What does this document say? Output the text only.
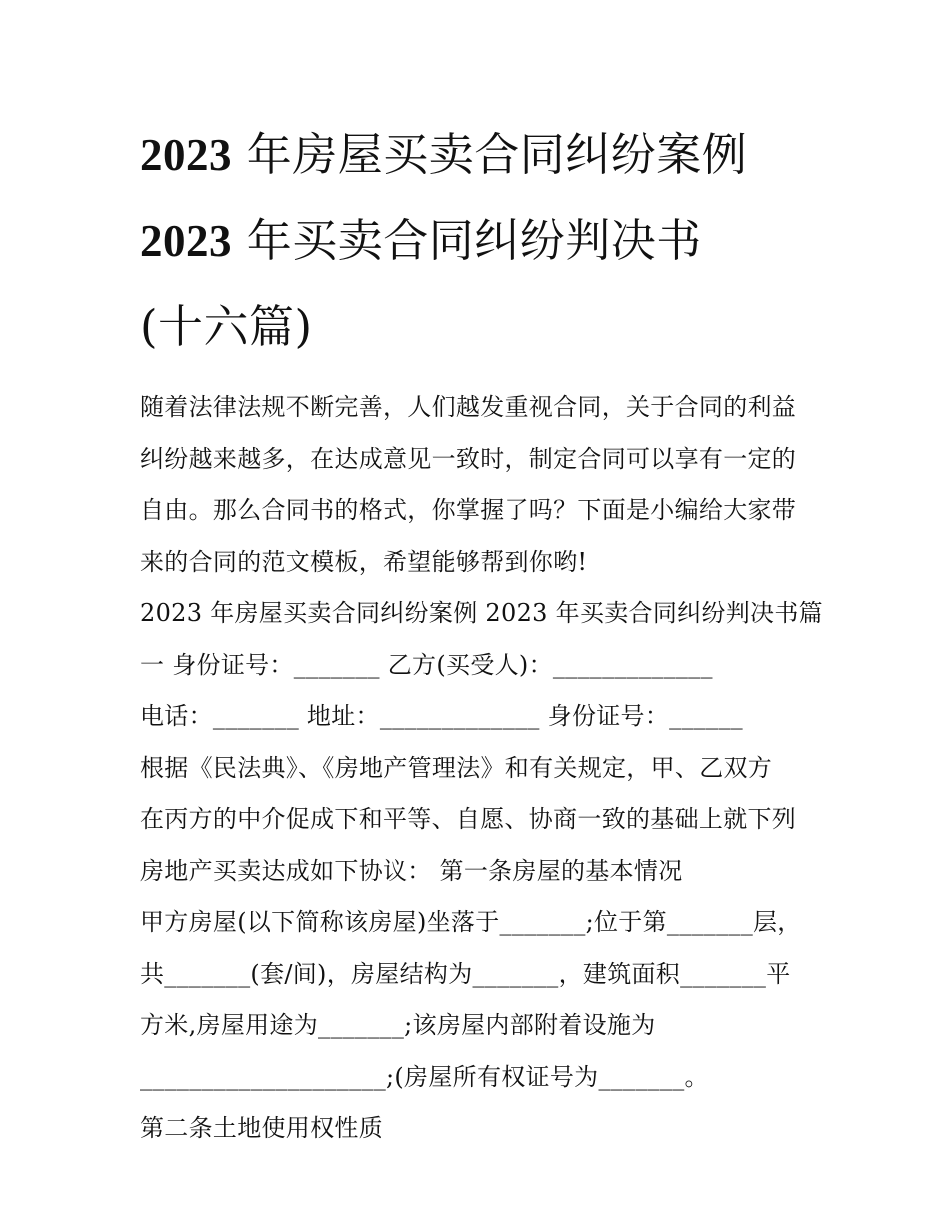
2023 年房屋买卖合同纠纷案例
2023 年买卖合同纠纷判决书
(十六篇)
随着法律法规不断完善，人们越发重视合同，关于合同的利益
纠纷越来越多，在达成意见一致时，制定合同可以享有一定的
自由。那么合同书的格式，你掌握了吗？下面是小编给大家带
来的合同的范文模板，希望能够帮到你哟!
2023 年房屋买卖合同纠纷案例 2023 年买卖合同纠纷判决书篇
一 身份证号：_______ 乙方(买受人)：_____________
电话：_______ 地址：_____________ 身份证号：______
根据《民法典》、《房地产管理法》和有关规定，甲、乙双方
在丙方的中介促成下和平等、自愿、协商一致的基础上就下列
房地产买卖达成如下协议： 第一条房屋的基本情况
甲方房屋(以下简称该房屋)坐落于_______;位于第_______层，
共_______(套/间)，房屋结构为_______，建筑面积_______平
方米,房屋用途为_______;该房屋内部附着设施为
____________________;(房屋所有权证号为_______。
第二条土地使用权性质
